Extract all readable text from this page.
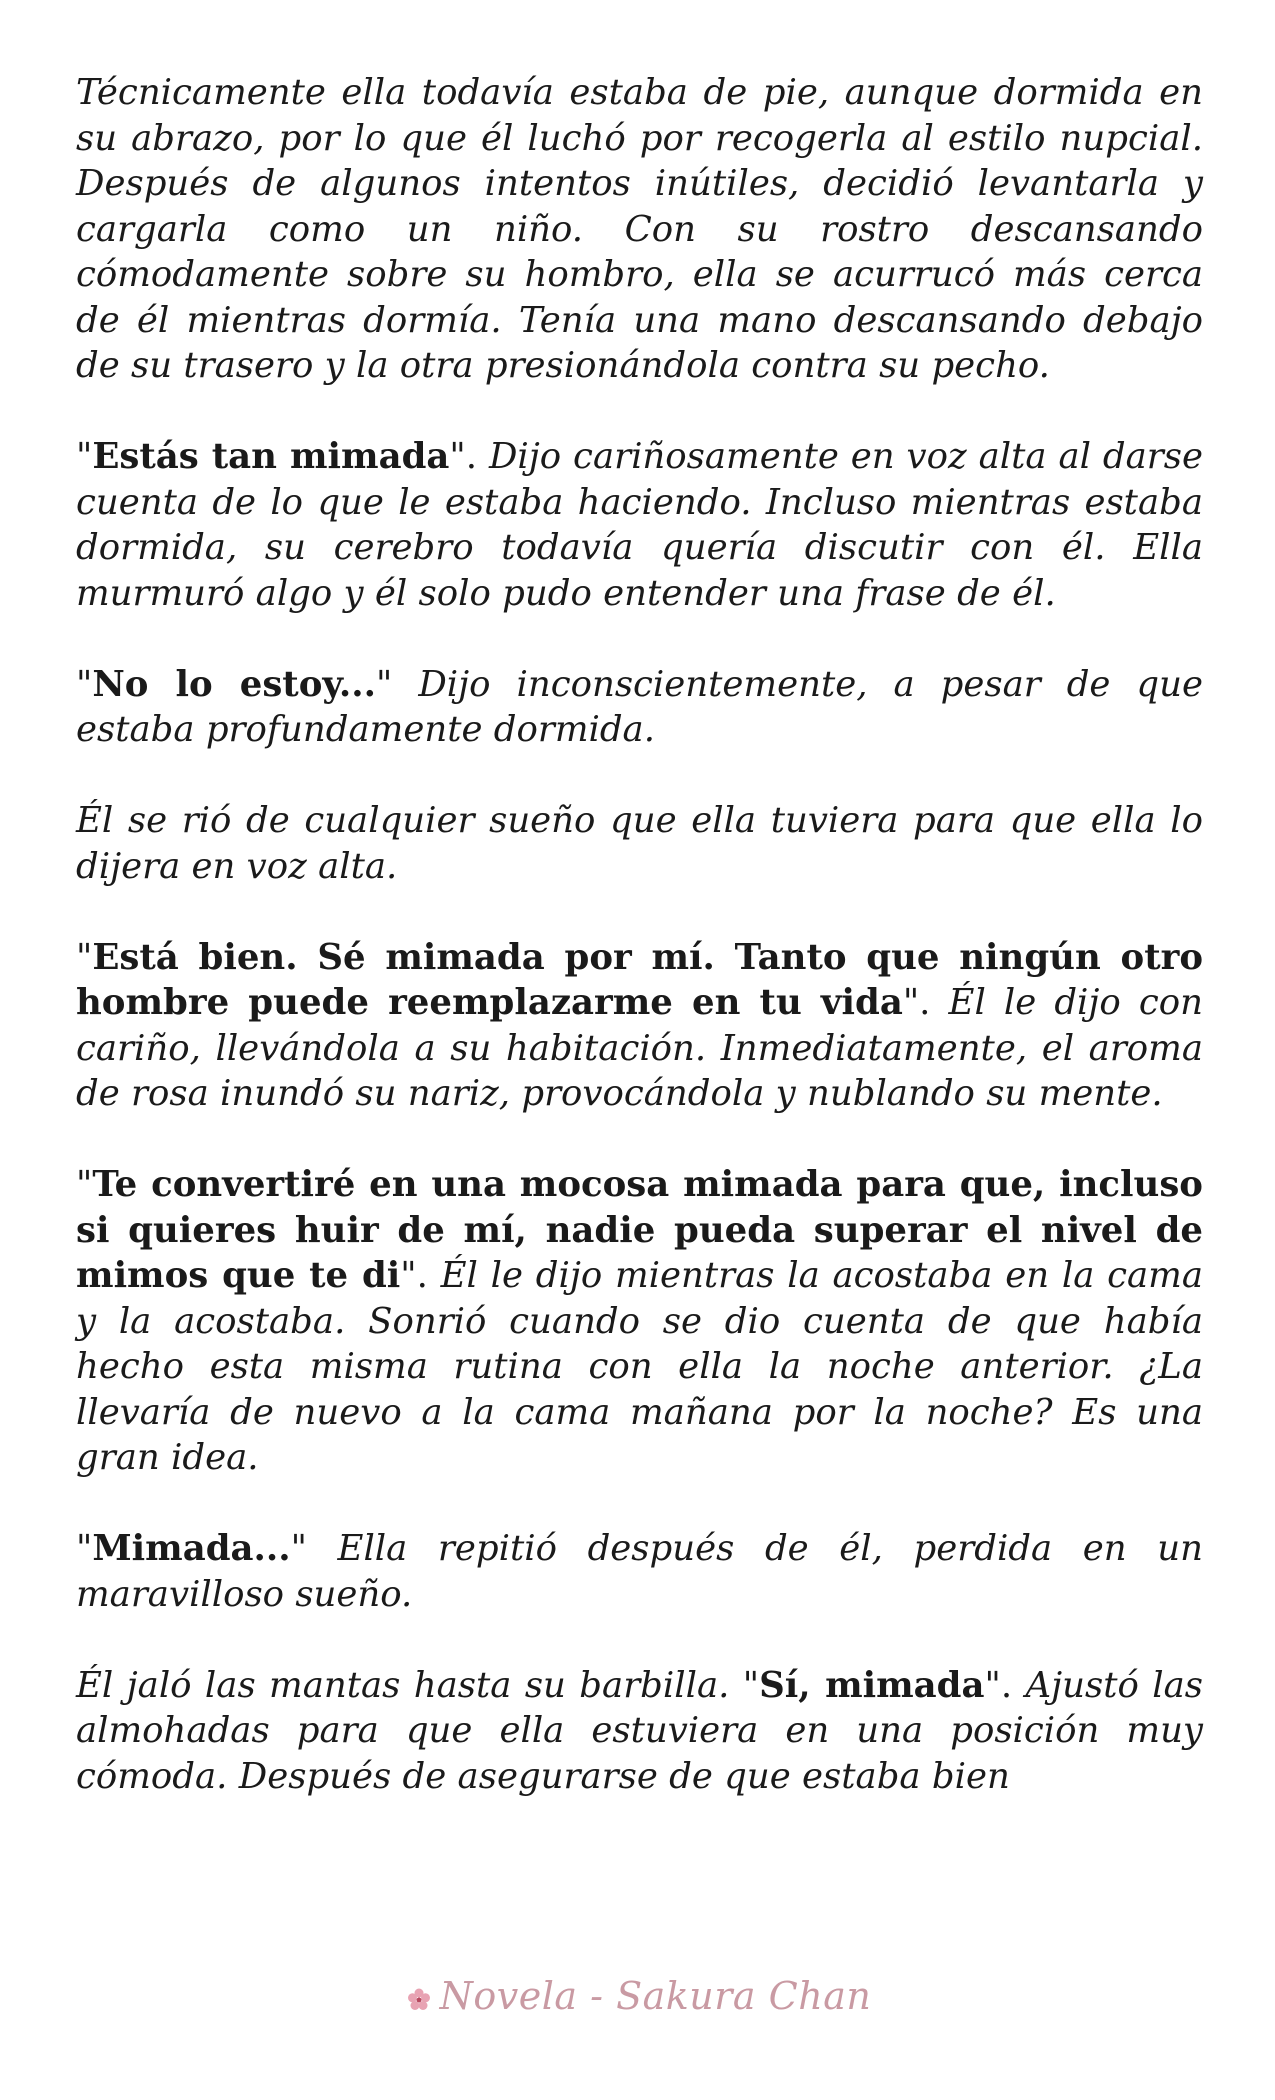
Técnicamente ella todavía estaba de pie, aunque dormida en su abrazo, por lo que él luchó por recogerla al estilo nupcial. Después de algunos intentos inútiles, decidió levantarla y cargarla como un niño. Con su rostro descansando cómodamente sobre su hombro, ella se acurrucó más cerca de él mientras dormía. Tenía una mano descansando debajo de su trasero y la otra presionándola contra su pecho.

"Estás tan mimada". Dijo cariñosamente en voz alta al darse cuenta de lo que le estaba haciendo. Incluso mientras estaba dormida, su cerebro todavía quería discutir con él. Ella murmuró algo y él solo pudo entender una frase de él.

"No lo estoy..." Dijo inconscientemente, a pesar de que estaba profundamente dormida.

Él se rió de cualquier sueño que ella tuviera para que ella lo dijera en voz alta.

"Está bien. Sé mimada por mí. Tanto que ningún otro hombre puede reemplazarme en tu vida". Él le dijo con cariño, llevándola a su habitación. Inmediatamente, el aroma de rosa inundó su nariz, provocándola y nublando su mente.

"Te convertiré en una mocosa mimada para que, incluso si quieres huir de mí, nadie pueda superar el nivel de mimos que te di". Él le dijo mientras la acostaba en la cama y la acostaba. Sonrió cuando se dio cuenta de que había hecho esta misma rutina con ella la noche anterior. ¿La llevaría de nuevo a la cama mañana por la noche? Es una gran idea.

"Mimada..." Ella repitió después de él, perdida en un maravilloso sueño.

Él jaló las mantas hasta su barbilla. "Sí, mimada". Ajustó las almohadas para que ella estuviera en una posición muy cómoda. Después de asegurarse de que estaba bien

Novela - Sakura Chan
